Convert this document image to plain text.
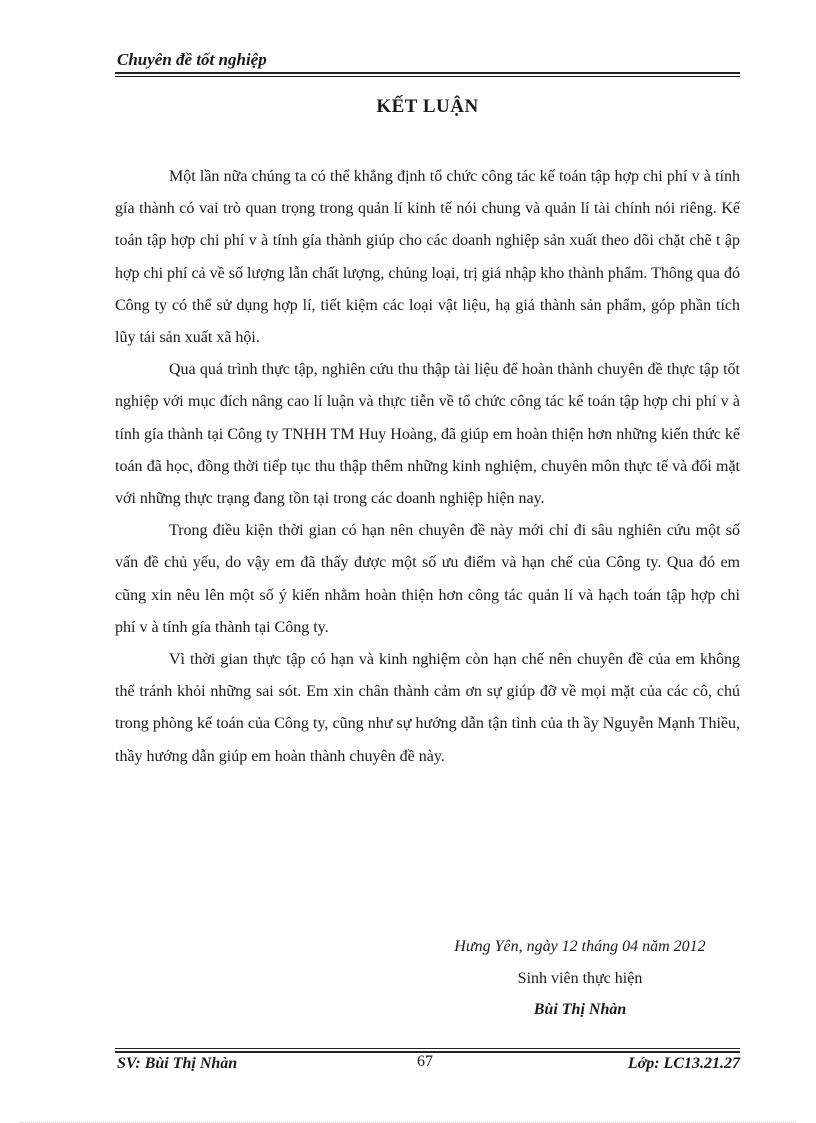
Chuyên đề tốt nghiệp
KẾT LUẬN

Một lần nữa chúng ta có thể khẳng định tổ chức công tác kế toán tập hợp chi phí v à tính gía thành có vai trò quan trọng trong quản lí kinh tế nói chung và quản lí tài chính nói riêng. Kế toán tập hợp chi phí v à tính gía thành giúp cho các doanh nghiệp sản xuất theo dõi chặt chẽ t ập hợp chi phí cả về số lượng lẫn chất lượng, chủng loại, trị giá nhập kho thành phẩm. Thông qua đó Công ty có thể sử dụng hợp lí, tiết kiệm các loại vật liệu, hạ giá thành sản phẩm, góp phần tích lũy tái sản xuất xã hội.

Qua quá trình thực tập, nghiên cứu thu thập tài liệu để hoàn thành chuyên đề thực tập tốt nghiệp với mục đích nâng cao lí luận và thực tiễn về tổ chức công tác kế toán tập hợp chi phí v à tính gía thành tại Công ty TNHH TM Huy Hoàng, đã giúp em hoàn thiện hơn những kiến thức kế toán đã học, đồng thời tiếp tục thu thập thêm những kinh nghiệm, chuyên môn thực tế và đối mặt với những thực trạng đang tồn tại trong các doanh nghiệp hiện nay.

Trong điều kiện thời gian có hạn nên chuyên đề này mới chỉ đi sâu nghiên cứu một số vấn đề chủ yếu, do vậy em đã thấy được một số ưu điểm và hạn chế của Công ty. Qua đó em cũng xin nêu lên một số ý kiến nhằm hoàn thiện hơn công tác quản lí và hạch toán tập hợp chi phí v à tính gía thành tại Công ty.

Vì thời gian thực tập có hạn và kinh nghiệm còn hạn chế nên chuyên đề của em không thể tránh khỏi những sai sót. Em xin chân thành cảm ơn sự giúp đỡ về mọi mặt của các cô, chú trong phòng kế toán của Công ty, cũng như sự hướng dẫn tận tình của th ầy Nguyễn Mạnh Thiều, thầy hướng dẫn giúp em hoàn thành chuyên đề này.

Hưng Yên, ngày 12 tháng 04 năm 2012
Sinh viên thực hiện
Bùi Thị Nhàn
SV: Bùi Thị Nhàn	67	Lớp: LC13.21.27
